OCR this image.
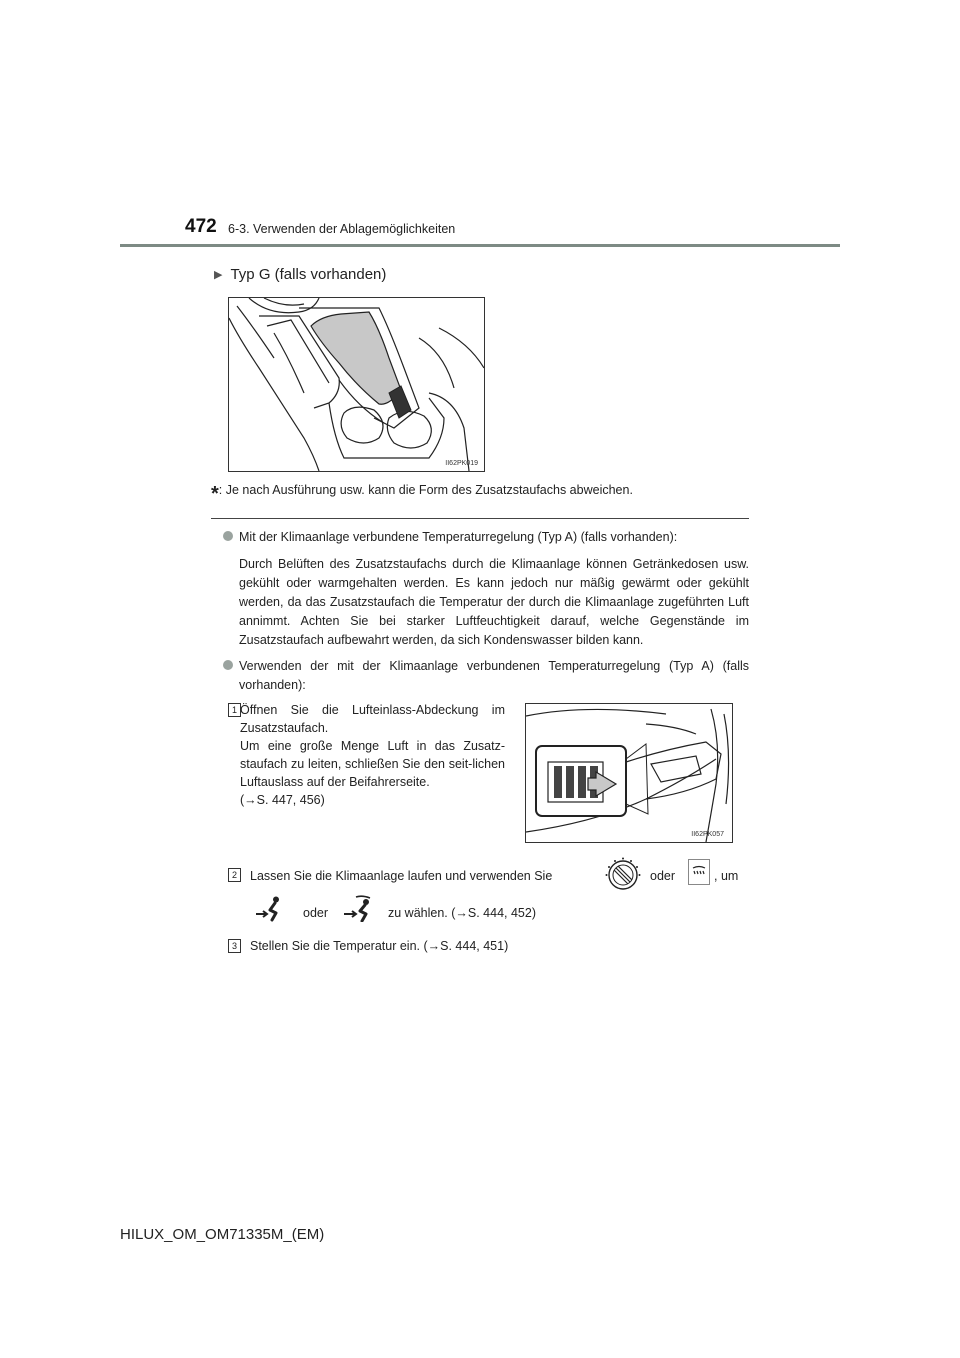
472 6-3. Verwenden der Ablagemöglichkeiten
▶ Typ G (falls vorhanden)
II62PK019
*: Je nach Ausführung usw. kann die Form des Zusatzstaufachs abweichen.
Mit der Klimaanlage verbundene Temperaturregelung (Typ A) (falls vorhanden):
Durch Belüften des Zusatzstaufachs durch die Klimaanlage können Getränkedosen usw. gekühlt oder warmgehalten werden. Es kann jedoch nur mäßig gewärmt oder gekühlt werden, da das Zusatzstaufach die Temperatur der durch die Klimaanlage zugeführten Luft annimmt. Achten Sie bei starker Luftfeuchtigkeit darauf, welche Gegenstände im Zusatzstaufach aufbewahrt werden, da sich Kondenswasser bilden kann.
Verwenden der mit der Klimaanlage verbundenen Temperaturregelung (Typ A) (falls vorhanden):
1 Öffnen Sie die Lufteinlass-Abdeckung im Zusatzstaufach.
Um eine große Menge Luft in das Zusatz-staufach zu leiten, schließen Sie den seit-lichen Luftauslass auf der Beifahrerseite.
(→S. 447, 456)
II62PK057
2	Lassen Sie die Klimaanlage laufen und verwenden Sie	oder	, um
oder	zu wählen. (→S. 444, 452)
3	Stellen Sie die Temperatur ein. (→S. 444, 451)
HILUX_OM_OM71335M_(EM)
